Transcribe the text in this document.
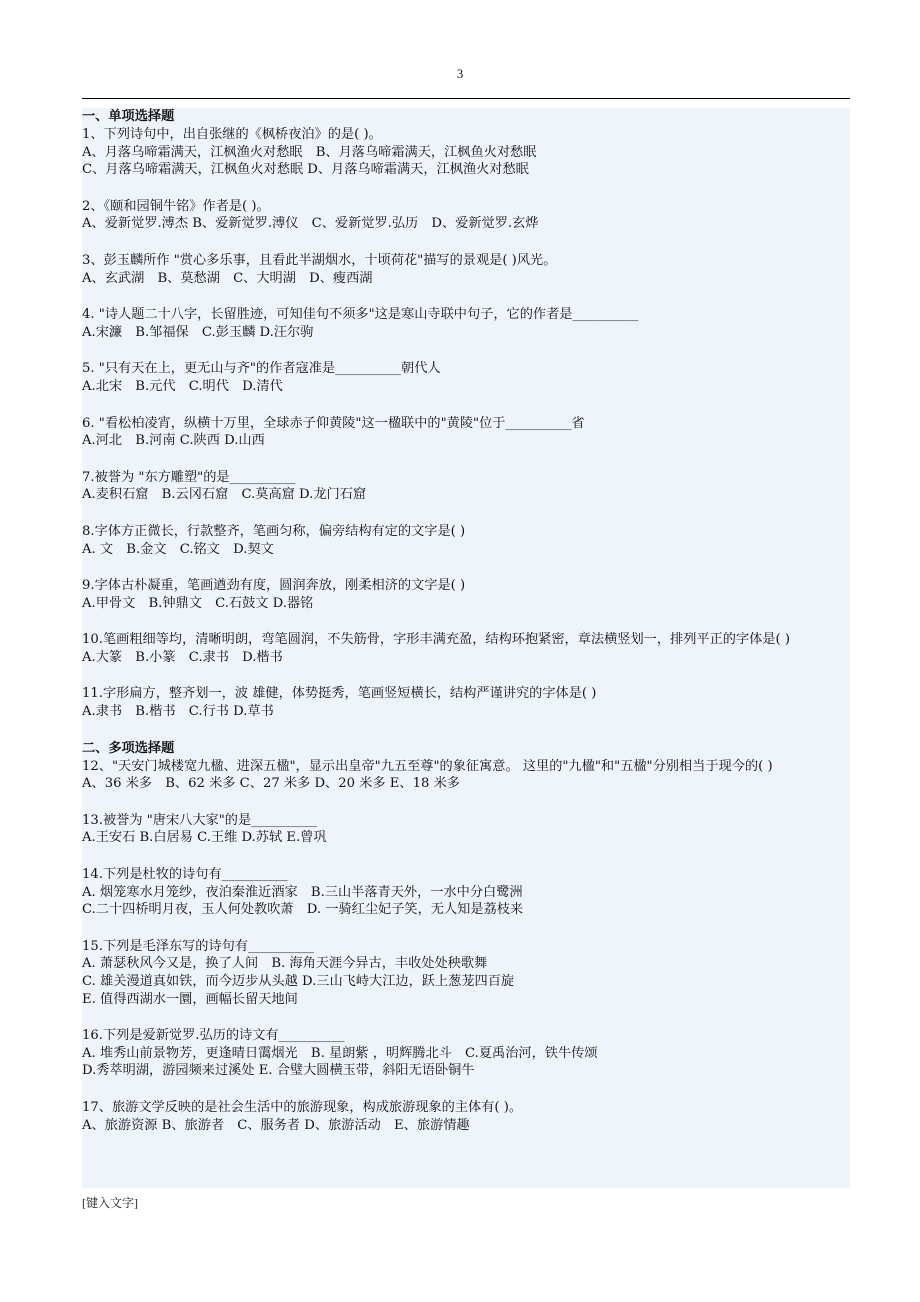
3
一、单项选择题
1、下列诗句中，出自张继的《枫桥夜泊》的是( )。
A、月落乌啼霜满天，江枫渔火对愁眠　B、月落乌啼霜满天，江枫鱼火对愁眠
C、月落乌啼霜满天，江枫鱼火对愁眠 D、月落乌啼霜满天，江枫渔火对愁眠
2、《颐和园铜牛铭》作者是( )。
A、爱新觉罗.溥杰 B、爱新觉罗.溥仪　C、爱新觉罗.弘历　D、爱新觉罗.玄烨
3、彭玉麟所作 "赏心多乐事，且看此半湖烟水，十顷荷花"描写的景观是( )风光。
A、玄武湖　B、莫愁湖　C、大明湖　D、瘦西湖
4. "诗人题二十八字，长留胜迹，可知佳句不须多"这是寒山寺联中句子，它的作者是__________
A.宋濂　B.邹福保　C.彭玉麟 D.汪尔驹
5. "只有天在上，更无山与齐"的作者寇准是__________朝代人
A.北宋　B.元代　C.明代　D.清代
6. "看松柏凌宵，纵横十万里，全球赤子仰黄陵"这一楹联中的"黄陵"位于__________省
A.河北　B.河南 C.陕西 D.山西
7.被誉为 "东方雕塑"的是__________
A.麦积石窟　B.云冈石窟　C.莫高窟 D.龙门石窟
8.字体方正微长，行款整齐，笔画匀称，偏旁结构有定的文字是( )
A. 文　B.金文　C.铭文　D.契文
9.字体古朴凝重，笔画遒劲有度，圆润奔放，刚柔相济的文字是( )
A.甲骨文　B.钟鼎文　C.石鼓文 D.器铭
10.笔画粗细等均，清晰明朗，弯笔圆润，不失筋骨，字形丰满充盈，结构环抱紧密，章法横竖划一，排列平正的字体是( )
A.大篆　B.小篆　C.隶书　D.楷书
11.字形扁方，整齐划一，波 雄健，体势挺秀，笔画竖短横长，结构严谨讲究的字体是( )
A.隶书　B.楷书　C.行书 D.草书
二、多项选择题
12、"天安门城楼宽九楹、进深五楹"，显示出皇帝"九五至尊"的象征寓意。 这里的"九楹"和"五楹"分别相当于现今的( )
A、36 米多　B、62 米多 C、27 米多 D、20 米多 E、18 米多
13.被誉为 "唐宋八大家"的是__________
A.王安石 B.白居易 C.王维 D.苏轼 E.曾巩
14.下列是杜牧的诗句有__________
A. 烟笼寒水月笼纱，夜泊秦淮近酒家　B.三山半落青天外，一水中分白鹭洲
C.二十四桥明月夜，玉人何处教吹萧　D. 一骑红尘妃子笑，无人知是荔枝来
15.下列是毛泽东写的诗句有__________
A. 萧瑟秋风今又是，换了人间　B. 海角天涯今异古，丰收处处秧歌舞
C. 雄关漫道真如铁，而今迈步从头越 D.三山飞峙大江边，跃上葱茏四百旋
E. 值得西湖水一圜，画幅长留天地间
16.下列是爱新觉罗.弘历的诗文有__________
A. 堆秀山前景物芳，更逢晴日霭烟光　B. 星朗紫 ，明辉腾北斗　C.夏禹治河，铁牛传颂
D.秀萃明湖，游园频来过溪处 E. 合璧大圆横玉带，斜阳无语卧铜牛
17、旅游文学反映的是社会生活中的旅游现象，构成旅游现象的主体有( )。
A、旅游资源 B、旅游者　C、服务者 D、旅游活动　E、旅游情趣
[键入文字]
